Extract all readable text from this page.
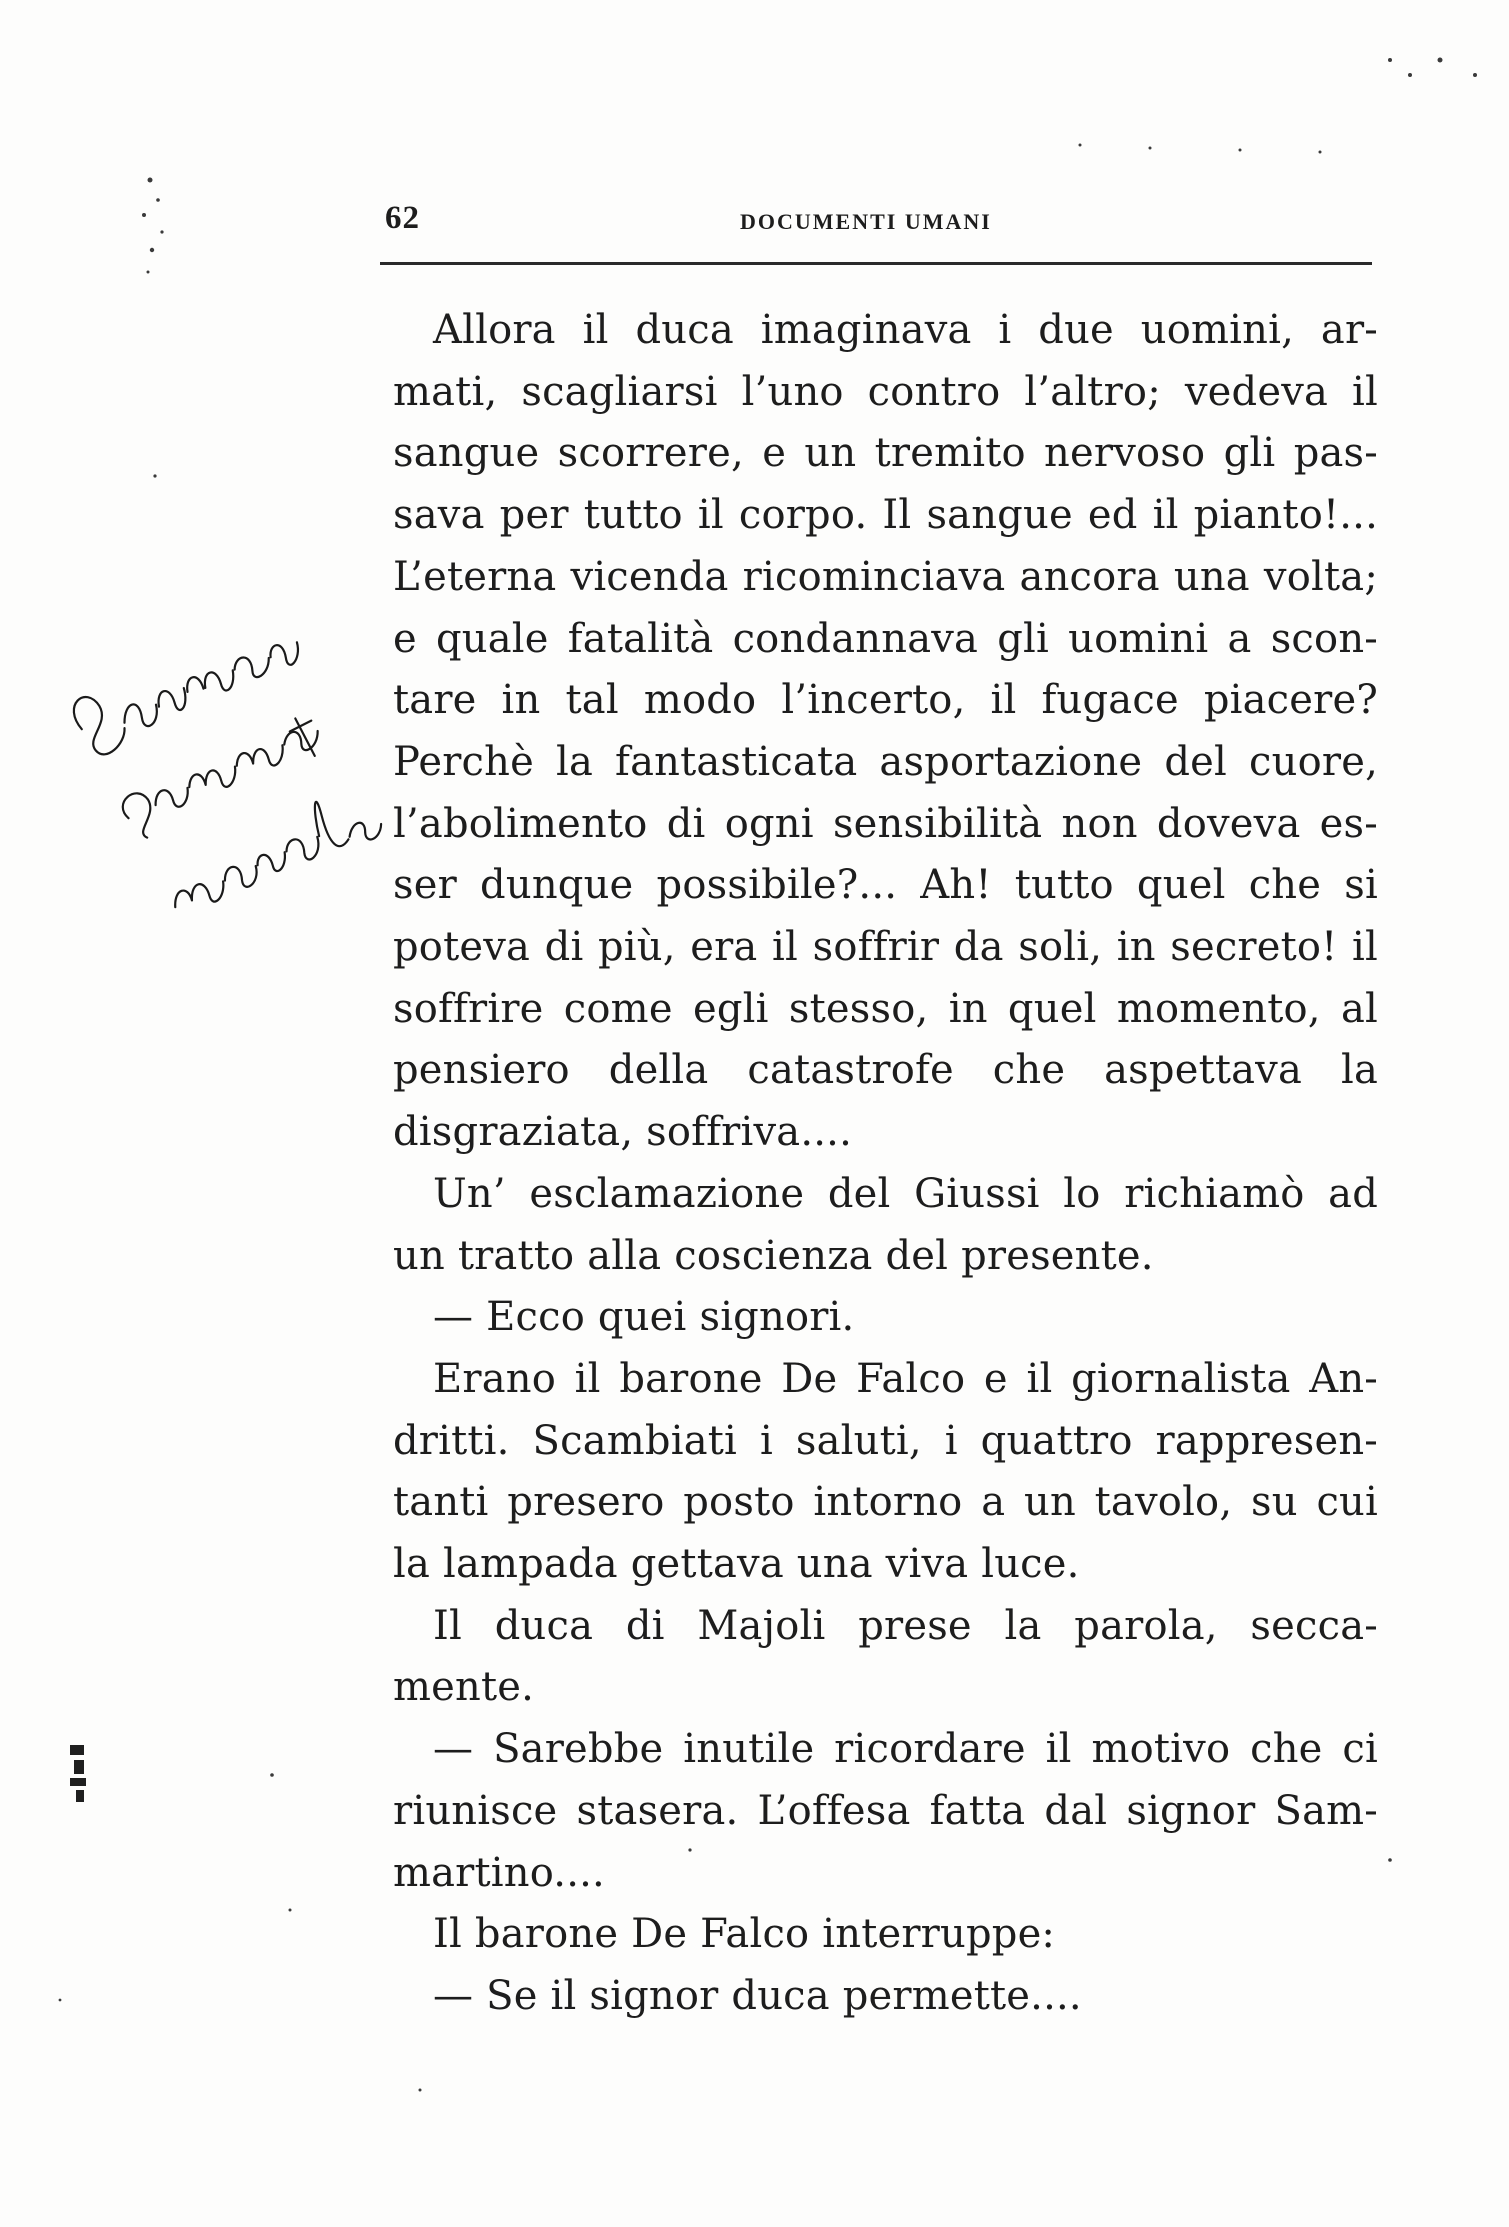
62	DOCUMENTI UMANI

Allora il duca imaginava i due uomini, ar-mati, scagliarsi l’uno contro l’altro; vedeva il sangue scorrere, e un tremito nervoso gli pas-sava per tutto il corpo. Il sangue ed il pianto!... L’eterna vicenda ricominciava ancora una volta; e quale fatalità condannava gli uomini a scon-tare in tal modo l’incerto, il fugace piacere? Perchè la fantasticata asportazione del cuore, l’abolimento di ogni sensibilità non doveva es-ser dunque possibile?... Ah! tutto quel che si poteva di più, era il soffrir da soli, in secreto! il soffrire come egli stesso, in quel momento, al pensiero della catastrofe che aspettava la disgraziata, soffriva....

Un’ esclamazione del Giussi lo richiamò ad un tratto alla coscienza del presente.

— Ecco quei signori.

Erano il barone De Falco e il giornalista An-dritti. Scambiati i saluti, i quattro rappresen-tanti presero posto intorno a un tavolo, su cui la lampada gettava una viva luce.

Il duca di Majoli prese la parola, secca-mente.

— Sarebbe inutile ricordare il motivo che ci riunisce stasera. L’offesa fatta dal signor Sam-martino....

Il barone De Falco interruppe:

— Se il signor duca permette....
